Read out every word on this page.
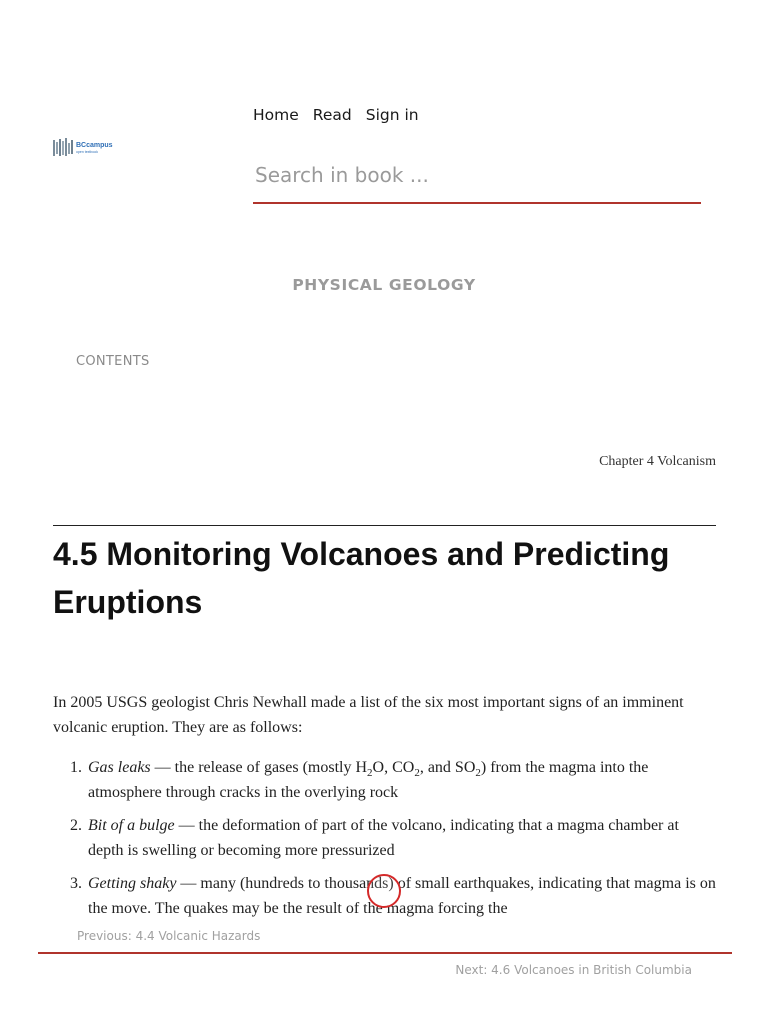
BCcampus
open textbook
Home Read Sign in
Search in book ...
PHYSICAL GEOLOGY
CONTENTS
Chapter 4 Volcanism
4.5 Monitoring Volcanoes and Predicting Eruptions

In 2005 USGS geologist Chris Newhall made a list of the six most important signs of an imminent volcanic eruption. They are as follows:

1. Gas leaks — the release of gases (mostly $H_2O$, $CO_2$, and $SO_2$) from the magma into the atmosphere through cracks in the overlying rock
2. Bit of a bulge — the deformation of part of the volcano, indicating that a magma chamber at depth is swelling or becoming more pressurized
3. Getting shaky — many (hundreds to thousands) of small earthquakes, indicating that magma is on the move. The quakes may be the result of the magma forcing the
Previous: 4.4 Volcanic Hazards
Next: 4.6 Volcanoes in British Columbia
